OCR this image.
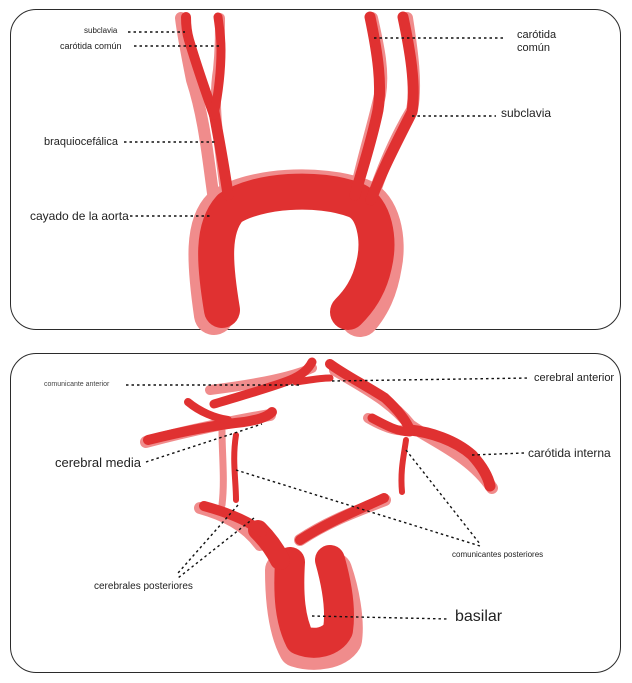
subclavia
carótida común
braquiocefálica
cayado de la aorta
carótida
común
subclavia
comunicante anterior
cerebral anterior
cerebral media
carótida interna
comunicantes posteriores
cerebrales posteriores
basilar
